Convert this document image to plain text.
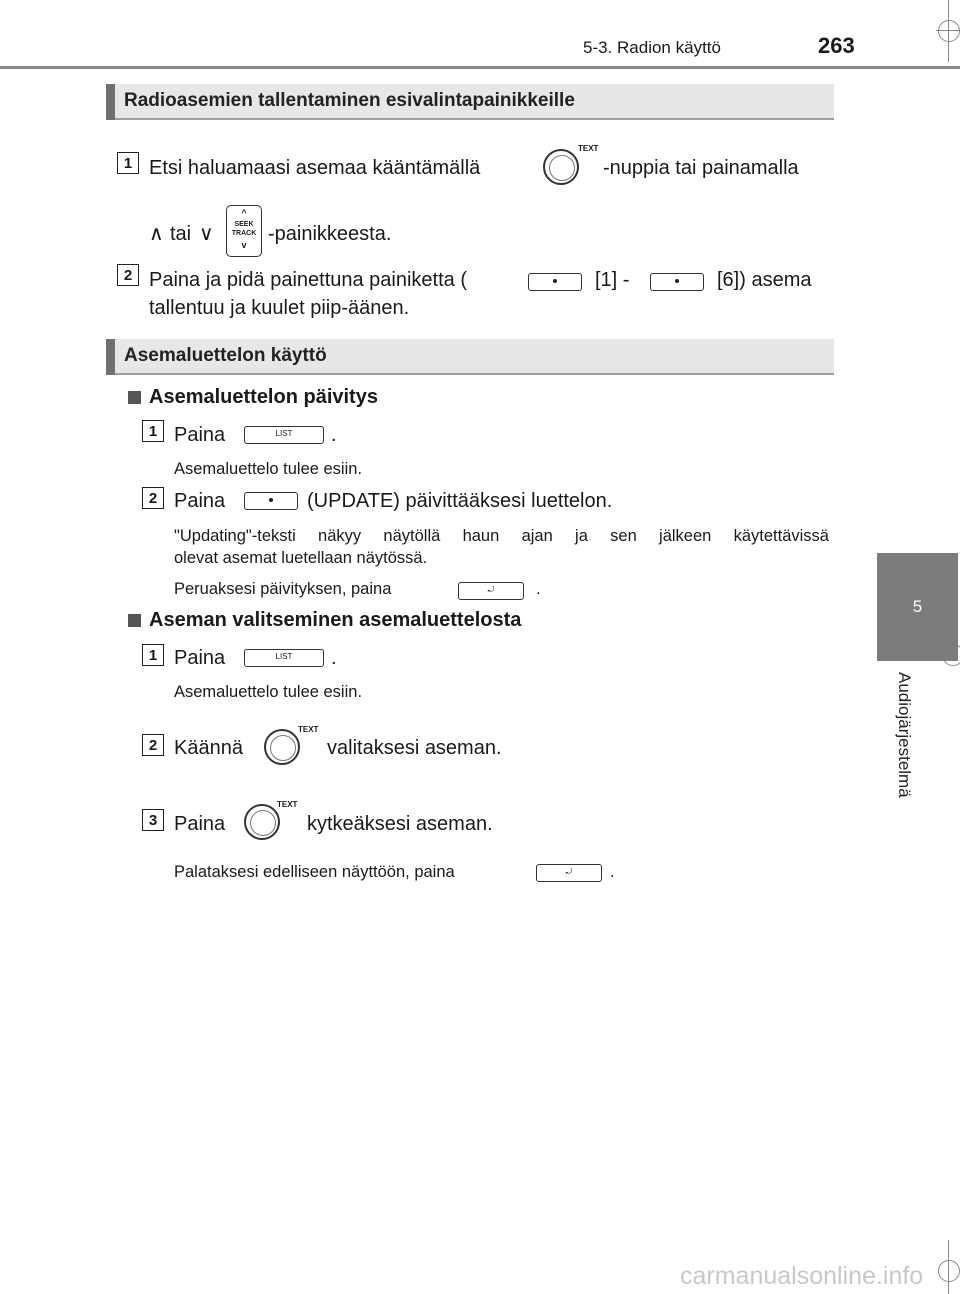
5-3. Radion käyttö	263
5
Audiojärjestelmä
Radioasemien tallentaminen esivalintapainikkeille
1 Etsi haluamaasi asemaa kääntämällä
TEXT
-nuppia tai painamalla
∧ tai ∨
^
SEEK
TRACK
v	-painikkeesta.
2 Paina ja pidä painettuna painiketta (	[1] -	[6]) asema
tallentuu ja kuulet piip-äänen.
Asemaluettelon käyttö
Asemaluettelon päivitys
1 Paina	LIST	.
Asemaluettelo tulee esiin.
2 Paina	(UPDATE) päivittääksesi luettelon.
"Updating"-teksti näkyy näytöllä haun ajan ja sen jälkeen käytettävissä
olevat asemat luetellaan näytössä.
Peruaksesi päivityksen, paina	⤾	.
Aseman valitseminen asemaluettelosta
1 Paina	LIST	.
Asemaluettelo tulee esiin.
2 Käännä
TEXT
valitaksesi aseman.
3 Paina
TEXT
kytkeäksesi aseman.
Palataksesi edelliseen näyttöön, paina	⤾	.
carmanualsonline.info
